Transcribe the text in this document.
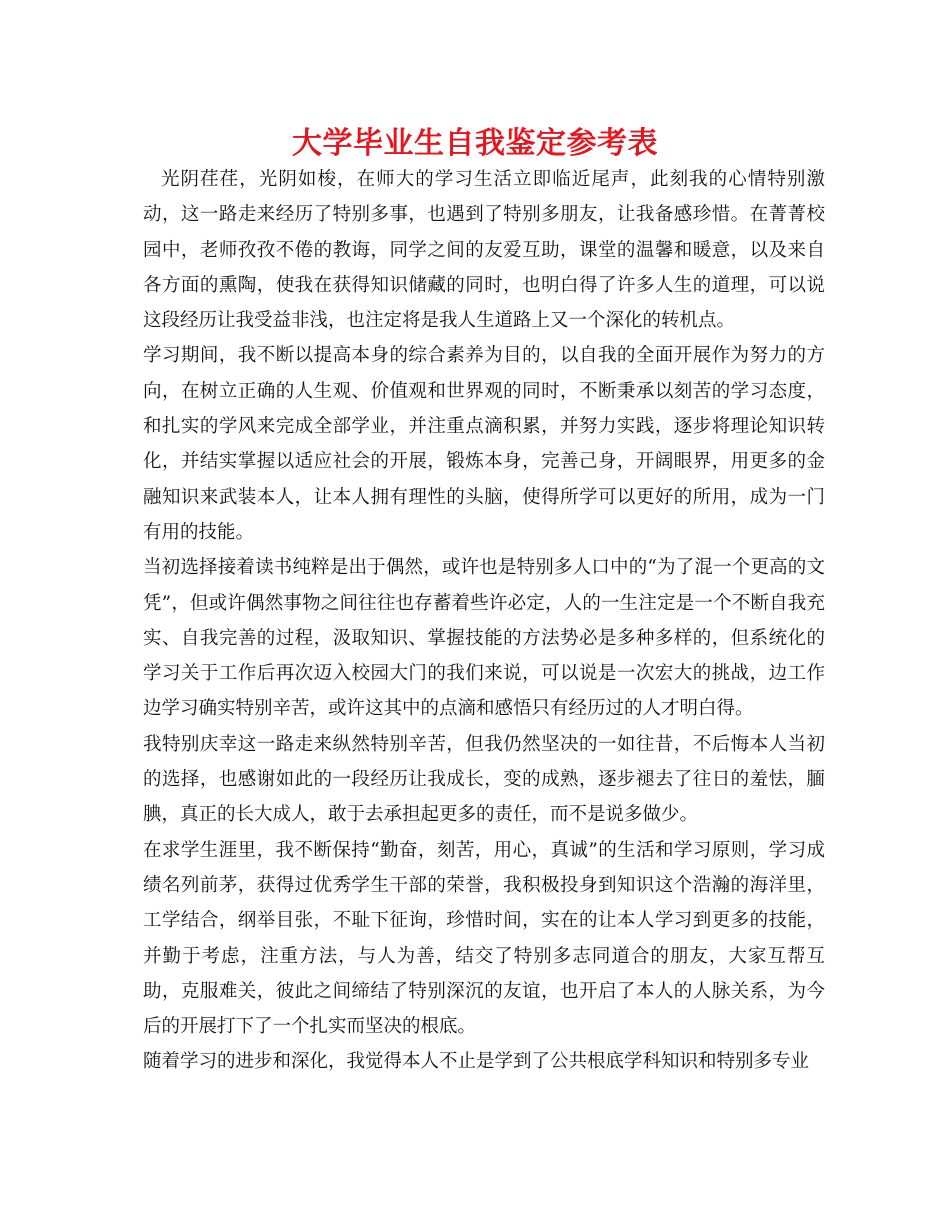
大学毕业生自我鉴定参考表

光阴荏荏，光阴如梭，在师大的学习生活立即临近尾声，此刻我的心情特别激动，这一路走来经历了特别多事，也遇到了特别多朋友，让我备感珍惜。在菁菁校园中，老师孜孜不倦的教诲，同学之间的友爱互助，课堂的温馨和暖意，以及来自各方面的熏陶，使我在获得知识储藏的同时，也明白得了许多人生的道理，可以说这段经历让我受益非浅，也注定将是我人生道路上又一个深化的转机点。

学习期间，我不断以提高本身的综合素养为目的，以自我的全面开展作为努力的方向，在树立正确的人生观、价值观和世界观的同时，不断秉承以刻苦的学习态度，和扎实的学风来完成全部学业，并注重点滴积累，并努力实践，逐步将理论知识转化，并结实掌握以适应社会的开展，锻炼本身，完善己身，开阔眼界，用更多的金融知识来武装本人，让本人拥有理性的头脑，使得所学可以更好的所用，成为一门有用的技能。

当初选择接着读书纯粹是出于偶然，或许也是特别多人口中的“为了混一个更高的文凭”，但或许偶然事物之间往往也存蓄着些许必定，人的一生注定是一个不断自我充实、自我完善的过程，汲取知识、掌握技能的方法势必是多种多样的，但系统化的学习关于工作后再次迈入校园大门的我们来说，可以说是一次宏大的挑战，边工作边学习确实特别辛苦，或许这其中的点滴和感悟只有经历过的人才明白得。

我特别庆幸这一路走来纵然特别辛苦，但我仍然坚决的一如往昔，不后悔本人当初的选择，也感谢如此的一段经历让我成长，变的成熟，逐步褪去了往日的羞怯，腼腆，真正的长大成人，敢于去承担起更多的责任，而不是说多做少。

在求学生涯里，我不断保持“勤奋，刻苦，用心，真诚”的生活和学习原则，学习成绩名列前茅，获得过优秀学生干部的荣誉，我积极投身到知识这个浩瀚的海洋里，工学结合，纲举目张，不耻下征询，珍惜时间，实在的让本人学习到更多的技能，并勤于考虑，注重方法，与人为善，结交了特别多志同道合的朋友，大家互帮互助，克服难关，彼此之间缔结了特别深沉的友谊，也开启了本人的人脉关系，为今后的开展打下了一个扎实而坚决的根底。

随着学习的进步和深化，我觉得本人不止是学到了公共根底学科知识和特别多专业
